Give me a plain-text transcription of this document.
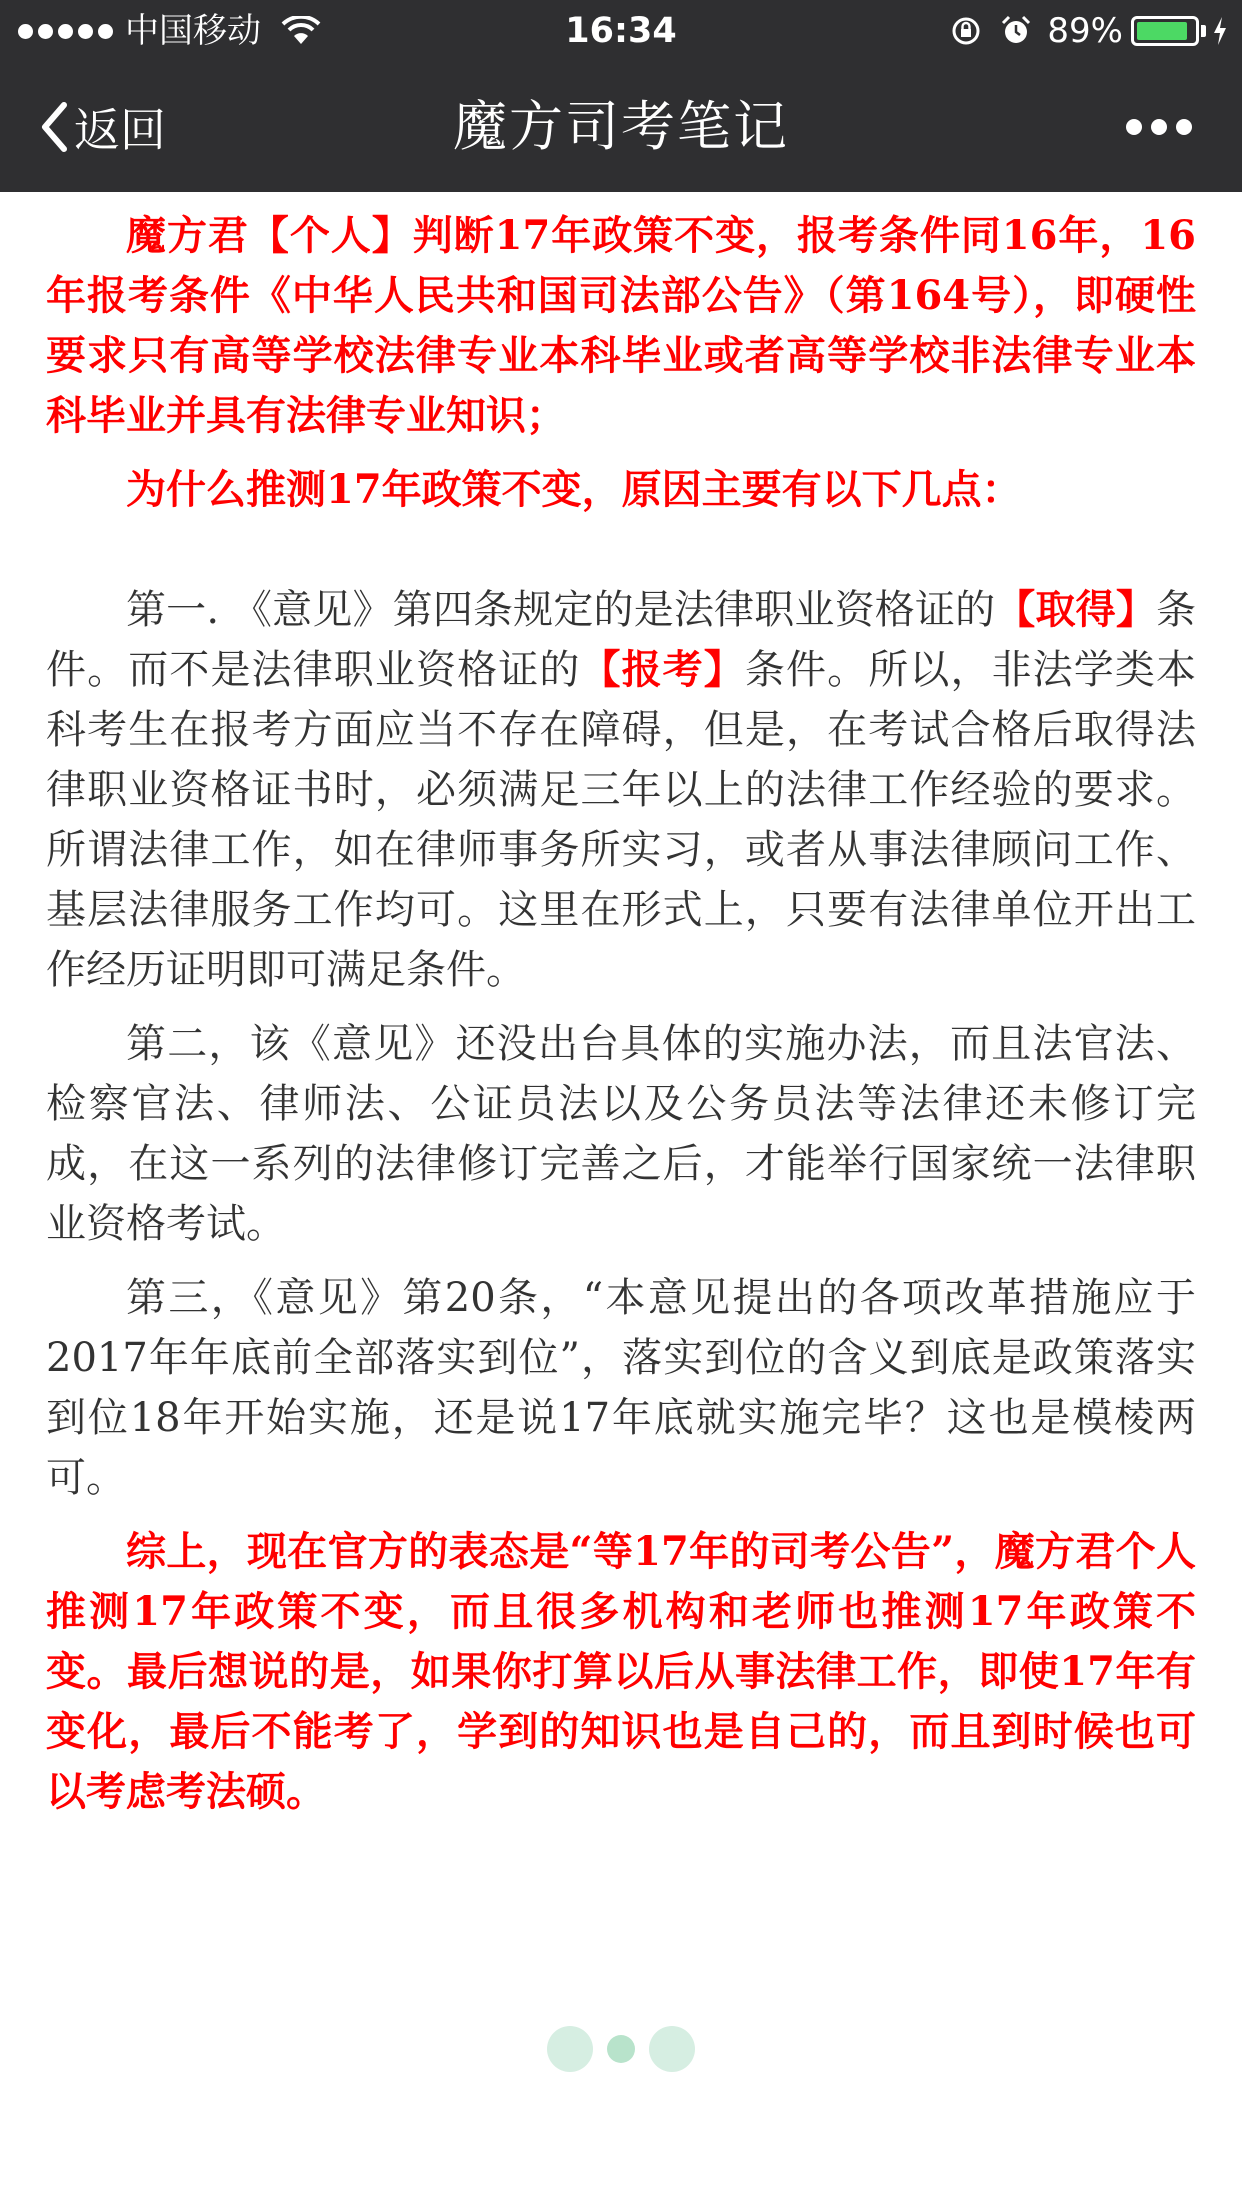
中国移动	16:34	89%
返回	魔方司考笔记

魔方君【个人】判断17年政策不变，报考条件同16年，16年报考条件《中华人民共和国司法部公告》（第164号），即硬性要求只有高等学校法律专业本科毕业或者高等学校非法律专业本科毕业并具有法律专业知识；

为什么推测17年政策不变，原因主要有以下几点：

第一. 《意见》第四条规定的是法律职业资格证的【取得】条件。而不是法律职业资格证的【报考】条件。所以，非法学类本科考生在报考方面应当不存在障碍，但是，在考试合格后取得法律职业资格证书时，必须满足三年以上的法律工作经验的要求。所谓法律工作，如在律师事务所实习，或者从事法律顾问工作、基层法律服务工作均可。这里在形式上，只要有法律单位开出工作经历证明即可满足条件。

第二，该《意见》还没出台具体的实施办法，而且法官法、检察官法、律师法、公证员法以及公务员法等法律还未修订完成，在这一系列的法律修订完善之后，才能举行国家统一法律职业资格考试。

第三，《意见》第20条，“本意见提出的各项改革措施应于2017年年底前全部落实到位”，落实到位的含义到底是政策落实到位18年开始实施，还是说17年底就实施完毕？这也是模棱两可。

综上，现在官方的表态是“等17年的司考公告”，魔方君个人推测17年政策不变，而且很多机构和老师也推测17年政策不变。最后想说的是，如果你打算以后从事法律工作，即使17年有变化，最后不能考了，学到的知识也是自己的，而且到时候也可以考虑考法硕。
